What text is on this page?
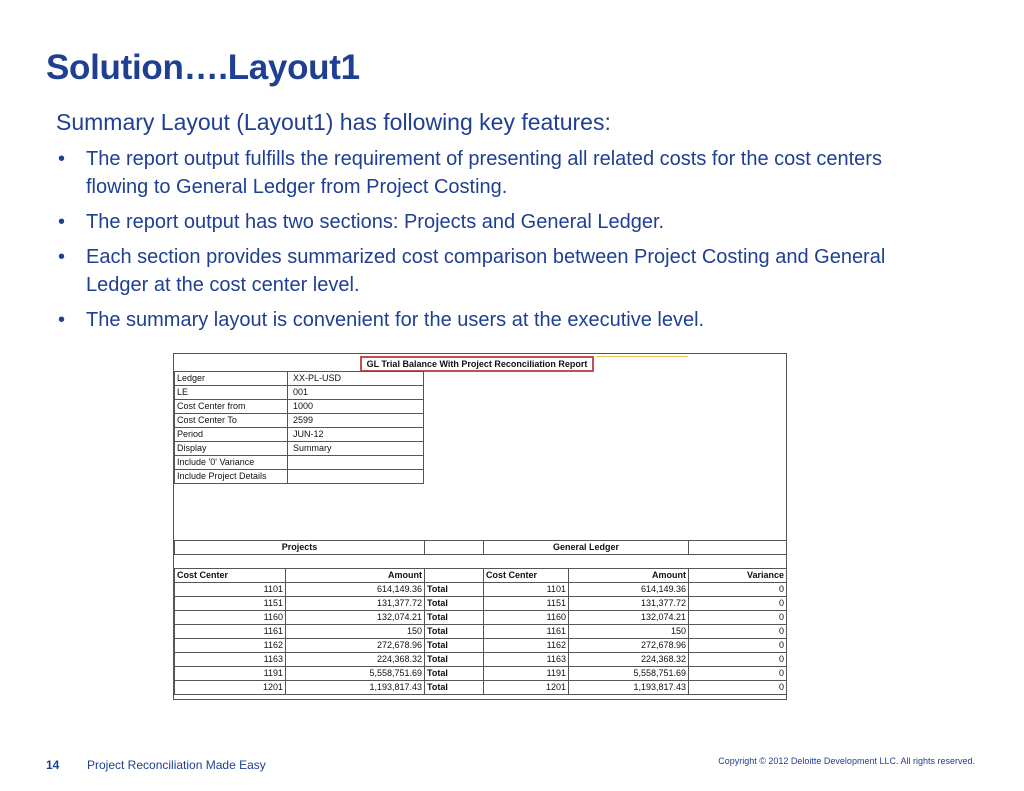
Solution….Layout1
Summary Layout (Layout1) has following key features:
• The report output fulfills the requirement of presenting all related costs for the cost centers flowing to General Ledger from Project Costing.
• The report output has two sections: Projects and General Ledger.
• Each section provides summarized cost comparison between Project Costing and General Ledger at the cost center level.
• The summary layout is convenient for the users at the executive level.
GL Trial Balance With Project Reconciliation Report
Ledger	XX-PL-USD
LE	001
Cost Center from	1000
Cost Center To	2599
Period	JUN-12
Display	Summary
Include '0' Variance	
Include Project Details	
Projects			General Ledger		

Cost Center	Amount		Cost Center	Amount	Variance
1101	614,149.36	Total	1101	614,149.36	0
1151	131,377.72	Total	1151	131,377.72	0
1160	132,074.21	Total	1160	132,074.21	0
1161	150	Total	1161	150	0
1162	272,678.96	Total	1162	272,678.96	0
1163	224,368.32	Total	1163	224,368.32	0
1191	5,558,751.69	Total	1191	5,558,751.69	0
1201	1,193,817.43	Total	1201	1,193,817.43	0
14 Project Reconciliation Made Easy	Copyright © 2012 Deloitte Development LLC. All rights reserved.
